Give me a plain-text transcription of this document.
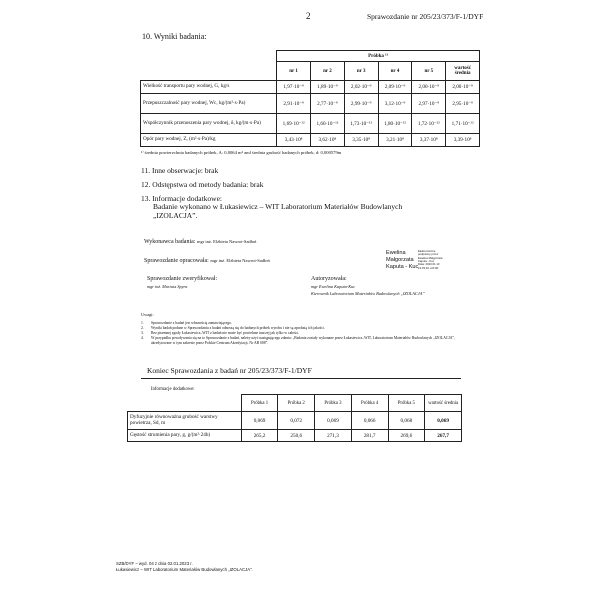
2	Sprawozdanie nr 205/23/373/F-1/DYF
10. Wyniki badania:
	Próbka ¹⁾					
	nr 1	nr 2	nr 3	nr 4	nr 5	wartość średnia
Wielkość transportu pary wodnej, G, kg/s	1,97·10⁻⁹	1,89·10⁻⁹	2,02·10⁻⁹	2,09·10⁻⁹	2,00·10⁻⁹	2,00·10⁻⁹
Przepuszczalność pary wodnej, Wc, kg/(m²·s·Pa)	2,91·10⁻⁹	2,77·10⁻⁹	2,99·10⁻⁹	3,12·10⁻⁹	2,97·10⁻⁹	2,95·10⁻⁹
Współczynnik przenoszenia pary wodnej, δ, kg/(m·s·Pa)	1,69·10⁻¹²	1,60·10⁻¹²	1,73·10⁻¹²	1,80·10⁻¹²	1,72·10⁻¹²	1,71·10⁻¹²
Opór pary wodnej, Z, (m²·s·Pa)/kg	3,43·10⁸	3,62·10⁸	3,35·10⁸	3,21·10⁸	3,37·10⁸	3,39·10⁸
¹⁾ średnia powierzchnia badanych próbek, A: 0,0064 m² and średnia grubość badanych próbek, d: 0,000579m
11. Inne obserwacje: brak
12. Odstępstwa od metody badania: brak
13. Informacje dodatkowe:
Badanie wykonano w Łukasiewicz – WIT Laboratorium Materiałów Budowlanych
„IZOLACJA”.
Wykonawca badania: mgr inż. Elżbieta Nawrot-Sadłoń
Sprawozdanie opracowała: mgr inż. Elżbieta Nawrot-Sadłoń
Ewelina
Małgorzata
Kaputa - Kuc
Elektronicznie
podpisany przez
Ewelina Małgorzata
Kaputa - Kuc
Data: 2023.01.13
13:03:16 +01'00'
Sprawozdanie zweryfikował:
mgr inż. Mariusz Spyra
Autoryzowała:
mgr Ewelina Kaputa-Kuc
Kierownik Laboratorium Materiałów Budowlanych „IZOLACJA”
Uwagi:
1.	Sprawozdanie z badań jest własnością zamawiającego.
2.	Wyniki badań podane w Sprawozdaniu z badań odnoszą się do badanych próbek wyrobu i nie są aprobatą ich jakości.
3.	Bez pisemnej zgody Łukasiewicz–WIT z badań nie może być powielane inaczej jak tylko w całości.
4.	W przypadku powoływania się na to Sprawozdanie z badań, należy użyć następującego zdania: „Badania zostały wykonane przez Łukasiewicz–WIT, Laboratorium Materiałów Budowlanych „IZOLACJA”, akredytowane w tym zakresie przez Polskie Centrum Akredytacji, Nr AB 008”.
Koniec Sprawozdania z badań nr 205/23/373/F-1/DYF
Informacje dodatkowe:
	Próbka 1	Próbka 2	Próbka 3	Próbka 4	Próbka 5	wartość średnia
Dyfuzyjnie równoważna grubość warstwy powietrza, Sd, m	0,069	0,072	0,069	0,066	0,068	0,069
Gęstość strumienia pary, g, g/(m²·24h)	265,2	250,6	271,3	281,7	269,6	267,7
SZB/DYF – wyd. 04 z dnia 02.01.2023 r.
Łukasiewicz – WIT Laboratorium Materiałów Budowlanych „IZOLACJA”.
